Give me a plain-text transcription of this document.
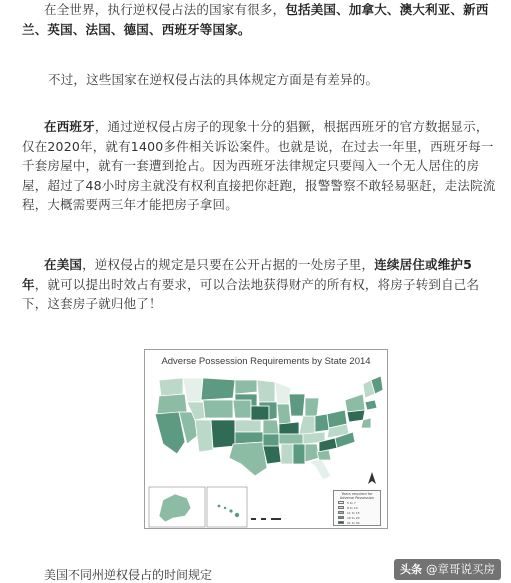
在全世界，执行逆权侵占法的国家有很多，包括美国、加拿大、澳大利亚、新西兰、英国、法国、德国、西班牙等国家。

不过，这些国家在逆权侵占法的具体规定方面是有差异的。

在西班牙，通过逆权侵占房子的现象十分的猖獗，根据西班牙的官方数据显示，仅在2020年，就有1400多件相关诉讼案件。也就是说，在过去一年里，西班牙每一千套房屋中，就有一套遭到抢占。因为西班牙法律规定只要闯入一个无人居住的房屋，超过了48小时房主就没有权利直接把你赶跑，报警警察不敢轻易驱赶，走法院流程，大概需要两三年才能把房子拿回。

在美国，逆权侵占的规定是只要在公开占据的一处房子里，连续居住或维护5年，就可以提出时效占有要求，可以合法地获得财产的所有权，将房子转到自己名下，这套房子就归他了！

Adverse Possession Requirements by State 2014
Years required for Adverse Possession
5 to 7
8 to 10
11 to 15
16 to 20
21 to 30
美国不同州逆权侵占的时间规定	头条 @章哥说买房
